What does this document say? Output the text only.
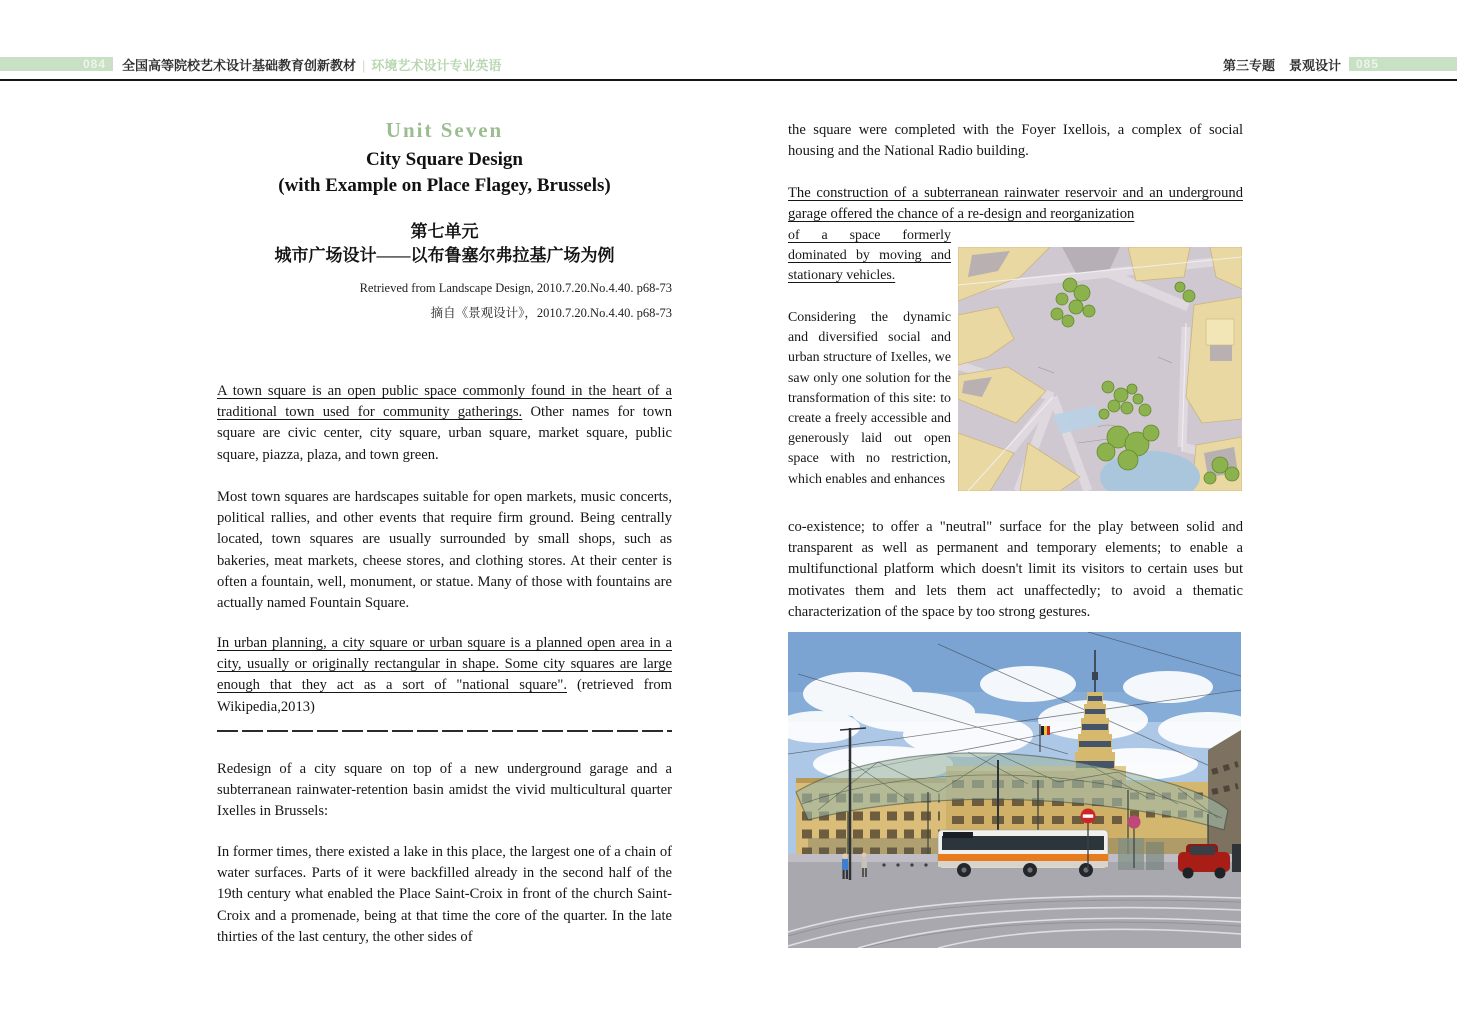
084	全国高等院校艺术设计基础教育创新教材 | 环境艺术设计专业英语	第三专题 景观设计	085
Unit Seven
City Square Design
(with Example on Place Flagey, Brussels)
第七单元
城市广场设计——以布鲁塞尔弗拉基广场为例
Retrieved from Landscape Design, 2010.7.20.No.4.40. p68-73
摘自《景观设计》，2010.7.20.No.4.40. p68-73
A town square is an open public space commonly found in the heart of a traditional town used for community gatherings. Other names for town square are civic center, city square, urban square, market square, public square, piazza, plaza, and town green.
Most town squares are hardscapes suitable for open markets, music concerts, political rallies, and other events that require firm ground. Being centrally located, town squares are usually surrounded by small shops, such as bakeries, meat markets, cheese stores, and clothing stores. At their center is often a fountain, well, monument, or statue. Many of those with fountains are actually named Fountain Square.
In urban planning, a city square or urban square is a planned open area in a city, usually or originally rectangular in shape. Some city squares are large enough that they act as a sort of "national square". (retrieved from Wikipedia,2013)
Redesign of a city square on top of a new underground garage and a subterranean rainwater-retention basin amidst the vivid multicultural quarter Ixelles in Brussels:
In former times, there existed a lake in this place, the largest one of a chain of water surfaces. Parts of it were backfilled already in the second half of the 19th century what enabled the Place Saint-Croix in front of the church Saint-Croix and a promenade, being at that time the core of the quarter. In the late thirties of the last century, the other sides of
the square were completed with the Foyer Ixellois, a complex of social housing and the National Radio building.
The construction of a subterranean rainwater reservoir and an underground garage offered the chance of a re-design and reorganization
of a space formerly dominated by moving and stationary vehicles.
Considering the dynamic and diversified social and urban structure of Ixelles, we saw only one solution for the transformation of this site: to create a freely accessible and generously laid out open space with no restriction, which enables and enhances
co-existence; to offer a "neutral" surface for the play between solid and transparent as well as permanent and temporary elements; to enable a multifunctional platform which doesn't limit its visitors to certain uses but motivates them and lets them act unaffectedly; to avoid a thematic characterization of the space by too strong gestures.
